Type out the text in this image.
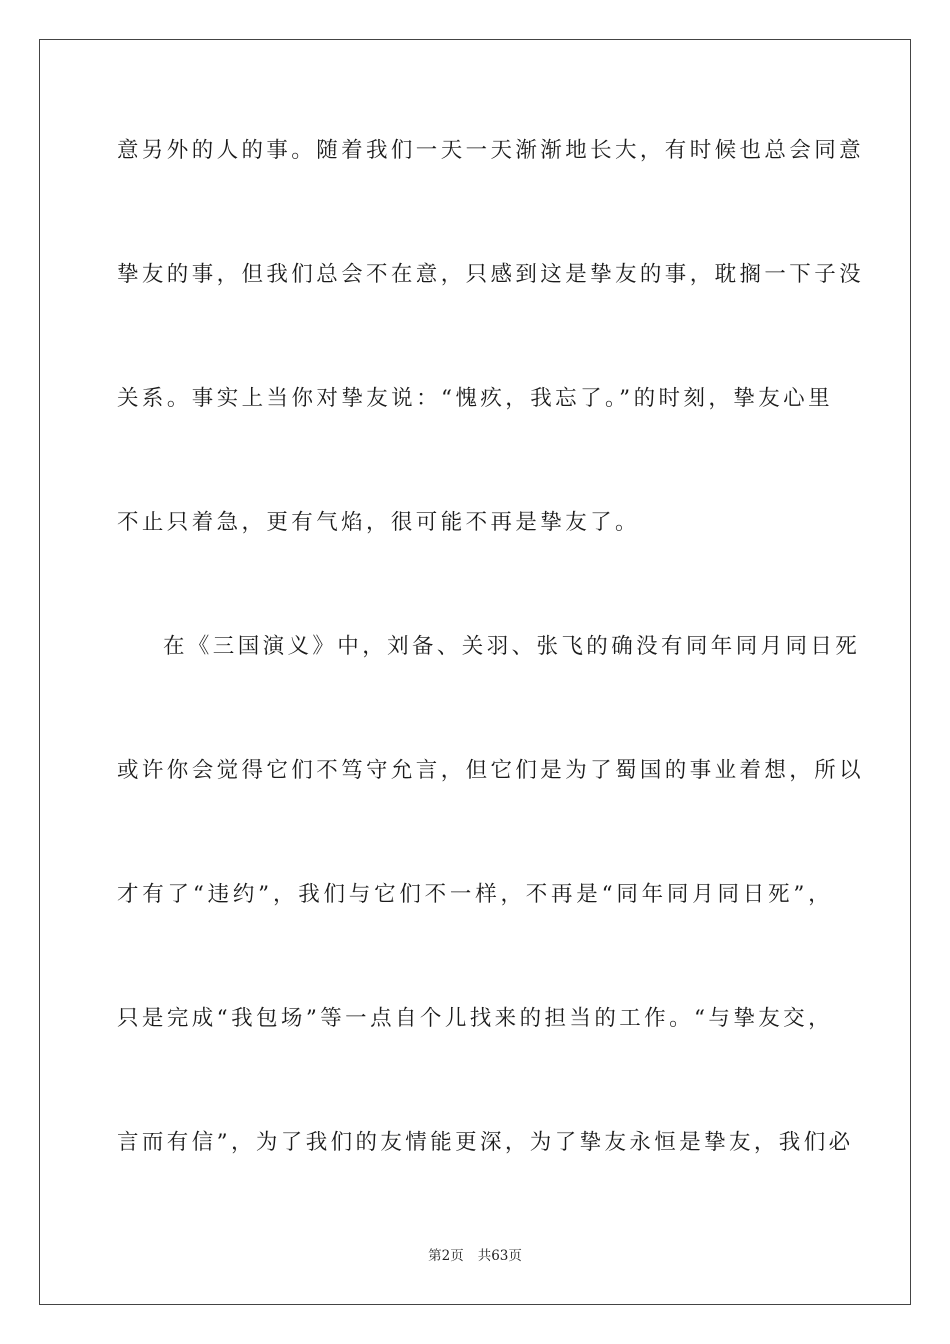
意另外的人的事。随着我们一天一天渐渐地长大，有时候也总会同意
挚友的事，但我们总会不在意，只感到这是挚友的事，耽搁一下子没
关系。事实上当你对挚友说：“愧疚，我忘了。”的时刻，挚友心里
不止只着急，更有气焰，很可能不再是挚友了。
在《三国演义》中，刘备、关羽、张飞的确没有同年同月同日死
或许你会觉得它们不笃守允言，但它们是为了蜀国的事业着想，所以
才有了“违约”，我们与它们不一样，不再是“同年同月同日死”，
只是完成“我包场”等一点自个儿找来的担当的工作。“与挚友交，
言而有信”，为了我们的友情能更深，为了挚友永恒是挚友，我们必
第2页 共63页
